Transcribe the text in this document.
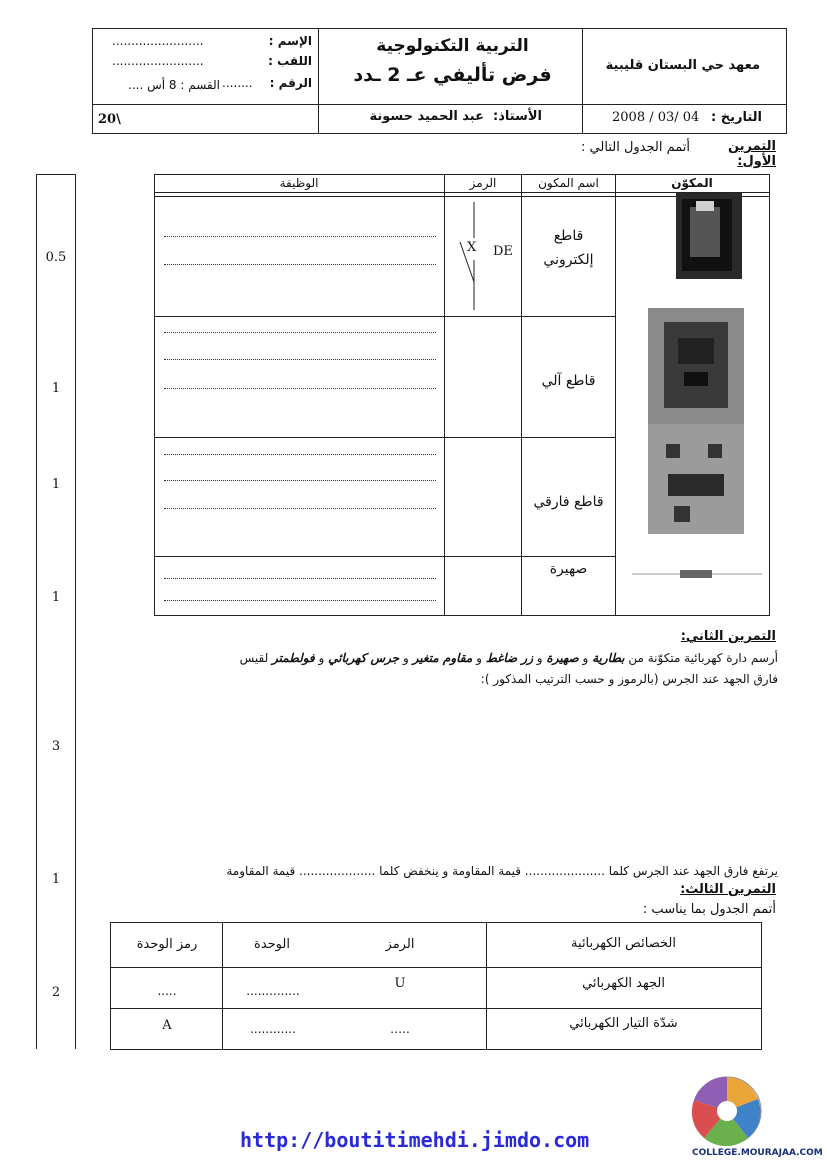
معهد حي البستان قليبية
التربية التكنولوجية
فرض تأليفي عـ 2 ـدد
الإسم :
........................
اللقب :
........................
الرقم :
........
القسم : 8 أس ....
التاريخ :
2008 / 03/ 04
الأستاذ:
عبد الحميد حسونة
20\
0.5
1
1
1
3
1
2
التمرين الأول:
أتمم الجدول التالي :
المكوّن
اسم المكون
الرمز
الوظيفة
X DE
قاطع
إلكتروني
قاطع آلي
قاطع فارقي
صهيرة
التمرين الثاني:
أرسم دارة كهربائية متكوّنة من بطارية و صهيرة و زر ضاغط و مقاوم متغير و جرس كهربائي و فولطمتر لقيس
فارق الجهد عند الجرس (بالرموز و حسب الترتيب المذكور ):
يرتفع فارق الجهد عند الجرس كلما ..................... قيمة المقاومة و ينخفض كلما .................... قيمة المقاومة
التمرين الثالث:
أتمم الجدول بما يناسب :
الخصائص الكهربائية
الرمز
الوحدة
رمز الوحدة
الجهد الكهربائي
U
..............
.....
شدّة التيار الكهربائي
…..
............
A
http://boutitimehdi.jimdo.com
COLLEGE.MOURAJAA.COM
